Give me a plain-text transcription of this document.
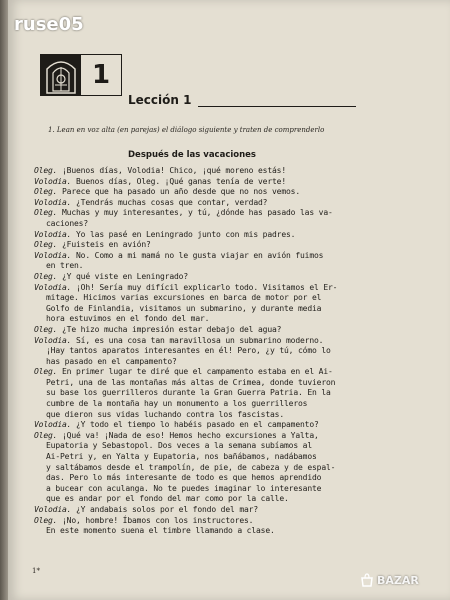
1
Lección 1
1. Lean en voz alta (en parejas) el diálogo siguiente y traten de comprenderlo
Después de las vacaciones
Oleg. ¡Buenos días, Volodia! Chico, ¡qué moreno estás!
Volodia. Buenos días, Oleg. ¡Qué ganas tenía de verte!
Oleg. Parece que ha pasado un año desde que no nos vemos.
Volodia. ¿Tendrás muchas cosas que contar, verdad?
Oleg. Muchas y muy interesantes, y tú, ¿dónde has pasado las va-
caciones?
Volodia. Yo las pasé en Leningrado junto con mis padres.
Oleg. ¿Fuisteis en avión?
Volodia. No. Como a mi mamá no le gusta viajar en avión fuimos
en tren.
Oleg. ¿Y qué viste en Leningrado?
Volodia. ¡Oh! Sería muy difícil explicarlo todo. Visitamos el Er-
mitage. Hicimos varias excursiones en barca de motor por el
Golfo de Finlandia, visitamos un submarino, y durante media
hora estuvimos en el fondo del mar.
Oleg. ¿Te hizo mucha impresión estar debajo del agua?
Volodia. Sí, es una cosa tan maravillosa un submarino moderno.
¡Hay tantos aparatos interesantes en él! Pero, ¿y tú, cómo lo
has pasado en el campamento?
Oleg. En primer lugar te diré que el campamento estaba en el Ai-
Petri, una de las montañas más altas de Crimea, donde tuvieron
su base los guerrilleros durante la Gran Guerra Patria. En la
cumbre de la montaña hay un monumento a los guerrilleros
que dieron sus vidas luchando contra los fascistas.
Volodia. ¿Y todo el tiempo lo habéis pasado en el campamento?
Oleg. ¡Qué va! ¡Nada de eso! Hemos hecho excursiones a Yalta,
Eupatoria y Sebastopol. Dos veces a la semana subíamos al
Ai-Petri y, en Yalta y Eupatoria, nos bañábamos, nadábamos
y saltábamos desde el trampolín, de pie, de cabeza y de espal-
das. Pero lo más interesante de todo es que hemos aprendido
a bucear con aculanga. No te puedes imaginar lo interesante
que es andar por el fondo del mar como por la calle.
Volodia. ¿Y andabais solos por el fondo del mar?
Oleg. ¡No, hombre! Íbamos con los instructores.
En este momento suena el timbre llamando a clase.
1*
ruse05
BAZAR
